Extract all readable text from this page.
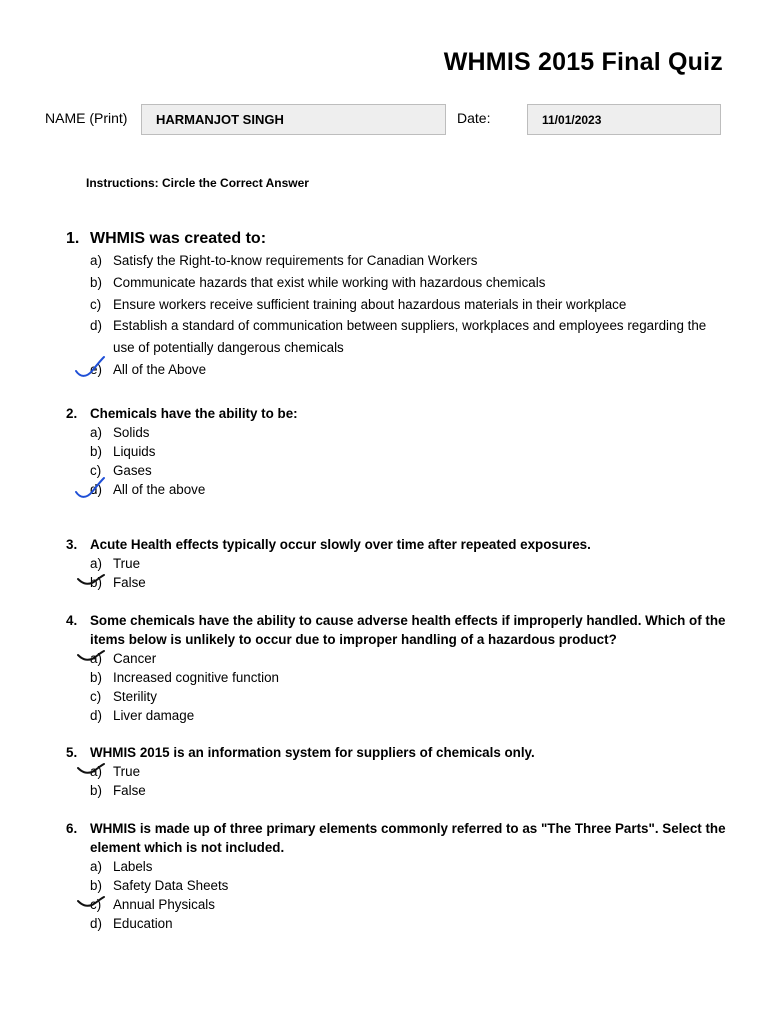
WHMIS 2015 Final Quiz
NAME (Print) HARMANJOT SINGH	Date:	11/01/2023
Instructions: Circle the Correct Answer
1. WHMIS was created to:
a) Satisfy the Right-to-know requirements for Canadian Workers
b) Communicate hazards that exist while working with hazardous chemicals
c) Ensure workers receive sufficient training about hazardous materials in their workplace
d) Establish a standard of communication between suppliers, workplaces and employees regarding the use of potentially dangerous chemicals
e) All of the Above
2. Chemicals have the ability to be:
a) Solids
b) Liquids
c) Gases
d) All of the above
3. Acute Health effects typically occur slowly over time after repeated exposures.
a) True
b) False
4. Some chemicals have the ability to cause adverse health effects if improperly handled. Which of the items below is unlikely to occur due to improper handling of a hazardous product?
a) Cancer
b) Increased cognitive function
c) Sterility
d) Liver damage
5. WHMIS 2015 is an information system for suppliers of chemicals only.
a) True
b) False
6. WHMIS is made up of three primary elements commonly referred to as "The Three Parts". Select the element which is not included.
a) Labels
b) Safety Data Sheets
c) Annual Physicals
d) Education
